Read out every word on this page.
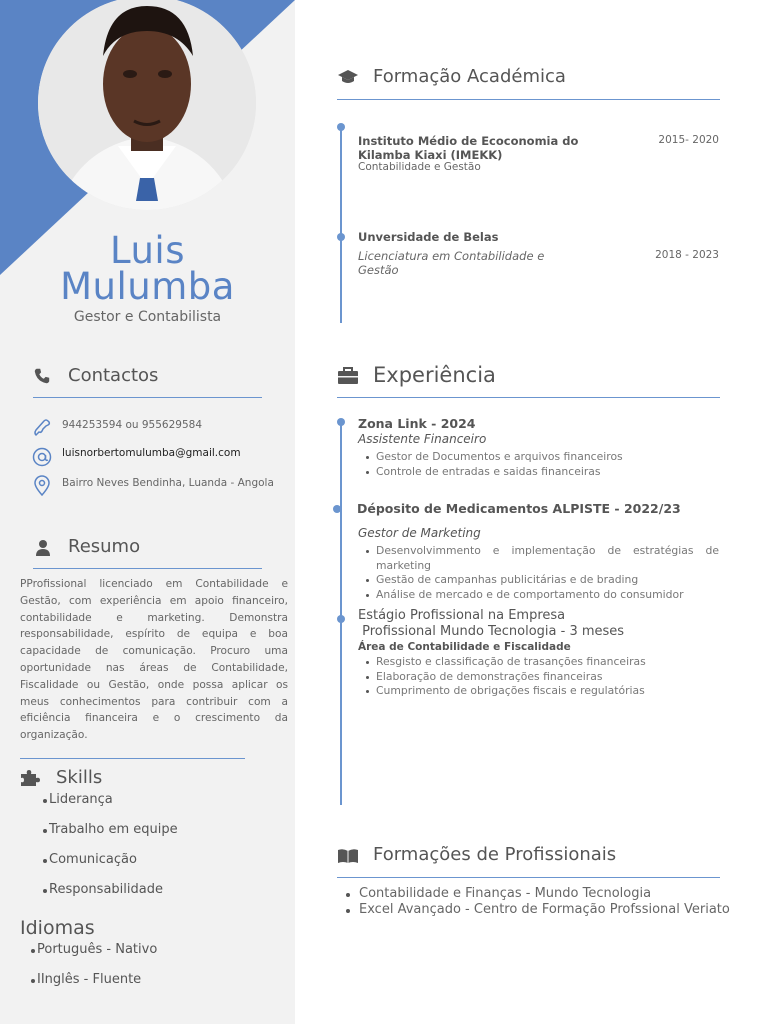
Luis
Mulumba
Gestor e Contabilista
Contactos
944253594 ou 955629584
luisnorbertomulumba@gmail.com
Bairro Neves Bendinha, Luanda - Angola
Resumo
PProfissional licenciado em Contabilidade e Gestão, com experiência em apoio financeiro, contabilidade e marketing. Demonstra responsabilidade, espírito de equipa e boa capacidade de comunicação. Procuro uma oportunidade nas áreas de Contabilidade, Fiscalidade ou Gestão, onde possa aplicar os meus conhecimentos para contribuir com a eficiência financeira e o crescimento da organização.
Skills
Liderança
Trabalho em equipe
Comunicação
Responsabilidade
Idiomas
Português - Nativo
IInglês - Fluente
Formação Académica
Instituto Médio de Ecoconomia do Kilamba Kiaxi (IMEKK)
Contabilidade e Gestão
2015- 2020
Unversidade de Belas
Licenciatura em Contabilidade e Gestão
2018 - 2023
Experiência
Zona Link - 2024
Assistente Financeiro
Gestor de Documentos e arquivos financeiros
Controle de entradas e saidas financeiras
Déposito de Medicamentos ALPISTE - 2022/23
Gestor de Marketing
Desenvolvimmento e implementação de estratégias de marketing
Gestão de campanhas publicitárias e de brading
Análise de mercado e de comportamento do consumidor
Estágio Profissional na Empresa
Profissional Mundo Tecnologia - 3 meses
Área de Contabilidade e Fiscalidade
Resgisto e classificação de trasanções financeiras
Elaboração de demonstrações financeiras
Cumprimento de obrigações fiscais e regulatórias
Formações de Profissionais
Contabilidade e Finanças - Mundo Tecnologia
Excel Avançado - Centro de Formação Profssional Veriato
